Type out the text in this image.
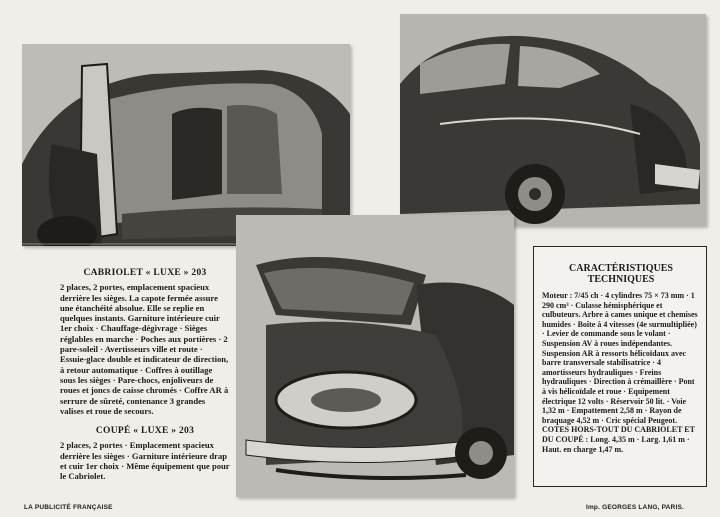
CABRIOLET « LUXE » 203

2 places, 2 portes, emplacement spacieux derrière les sièges. La capote fermée assure une étanchéité absolue. Elle se replie en quelques instants. Garniture intérieure cuir 1er choix · Chauffage-dégivrage · Sièges réglables en marche · Poches aux portières · 2 pare-soleil · Avertisseurs ville et route · Essuie-glace double et indicateur de direction, à retour automatique · Coffres à outillage sous les sièges · Pare-chocs, enjoliveurs de roues et joncs de caisse chromés · Coffre AR à serrure de sûreté, contenance 3 grandes valises et roue de secours.

COUPÉ « LUXE » 203

2 places, 2 portes · Emplacement spacieux derrière les sièges · Garniture intérieure drap et cuir 1er choix · Même équipement que pour le Cabriolet.

CARACTÉRISTIQUES
TECHNIQUES

Moteur : 7/45 ch · 4 cylindres 75 × 73 mm · 1 290 cm³ · Culasse hémisphérique et culbuteurs. Arbre à cames unique et chemises humides · Boîte à 4 vitesses (4e surmultipliée) · Levier de commande sous le volant · Suspension AV à roues indépendantes. Suspension AR à ressorts hélicoïdaux avec barre transversale stabilisatrice · 4 amortisseurs hydrauliques · Freins hydrauliques · Direction à crémaillère · Pont à vis hélicoïdale et roue · Equipement électrique 12 volts · Réservoir 50 lit. · Voie 1,32 m · Empattement 2,58 m · Rayon de braquage 4,52 m · Cric spécial Peugeot. COTES HORS-TOUT DU CABRIOLET ET DU COUPÉ : Long. 4,35 m · Larg. 1,61 m · Haut. en charge 1,47 m.

LA PUBLICITÉ FRANÇAISE	Imp. GEORGES LANG, PARIS.
